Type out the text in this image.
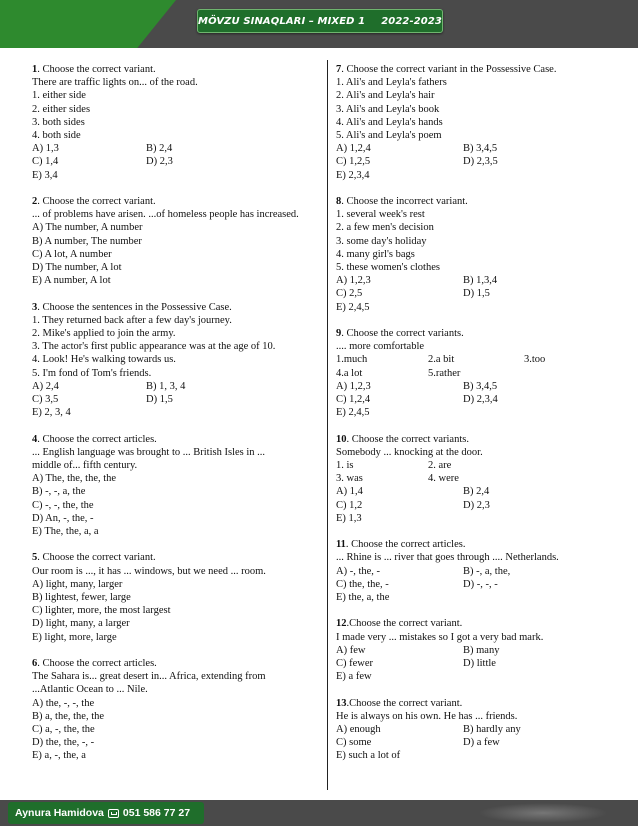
MÖVZU SINAQLARI – MIXED 1 2022-2023
1. Choose the correct variant.
There are traffic lights on... of the road.
1. either side
2. either sides
3. both sides
4. both side
A) 1,3	B) 2,4
C) 1,4	D) 2,3
E) 3,4
2. Choose the correct variant.
... of problems have arisen. ...of homeless people has increased.
A) The number, A number
B) A number, The number
C) A lot, A number
D) The number, A lot
E) A number, A lot
3. Choose the sentences in the Possessive Case.
1. They returned back after a few day's journey.
2. Mike's applied to join the army.
3. The actor's first public appearance was at the age of 10.
4. Look! He's walking towards us.
5. I'm fond of Tom's friends.
A) 2,4	B) 1, 3, 4
C) 3,5	D) 1,5
E) 2, 3, 4
4. Choose the correct articles.
... English language was brought to ... British Isles in ...
middle of... fifth century.
A) The, the, the, the
B) -, -, a, the
C) -, -, the, the
D) An, -, the, -
E) The, the, a, a
5. Choose the correct variant.
Our room is ..., it has ... windows, but we need ... room.
A) light, many, larger
B) lightest, fewer, large
C) lighter, more, the most largest
D) light, many, a larger
E) light, more, large
6. Choose the correct articles.
The Sahara is... great desert in... Africa, extending from
...Atlantic Ocean to ... Nile.
A) the, -, -, the
B) a, the, the, the
C) a, -, the, the
D) the, the, -, -
E) a, -, the, a
7. Choose the correct variant in the Possessive Case.
1. Ali's and Leyla's fathers
2. Ali's and Leyla's hair
3. Ali's and Leyla's book
4. Ali's and Leyla's hands
5. Ali's and Leyla's poem
A) 1,2,4	B) 3,4,5
C) 1,2,5	D) 2,3,5
E) 2,3,4
8. Choose the incorrect variant.
1. several week's rest
2. a few men's decision
3. some day's holiday
4. many girl's bags
5. these women's clothes
A) 1,2,3	B) 1,3,4
C) 2,5	D) 1,5
E) 2,4,5
9. Choose the correct variants.
.... more comfortable
1.much	2.a bit	3.too
4.a lot	5.rather
A) 1,2,3	B) 3,4,5
C) 1,2,4	D) 2,3,4
E) 2,4,5
10. Choose the correct variants.
Somebody ... knocking at the door.
1. is	2. are
3. was	4. were
A) 1,4	B) 2,4
C) 1,2	D) 2,3
E) 1,3
11. Choose the correct articles.
... Rhine is ... river that goes through .... Netherlands.
A) -, the, -	B) -, a, the,
C) the, the, -	D) -, -, -
E) the, a, the
12.Choose the correct variant.
I made very ... mistakes so I got a very bad mark.
A) few	B) many
C) fewer	D) little
E) a few
13.Choose the correct variant.
He is always on his own. He has ... friends.
A) enough	B) hardly any
C) some	D) a few
E) such a lot of
Aynura Hamidova 051 586 77 27
